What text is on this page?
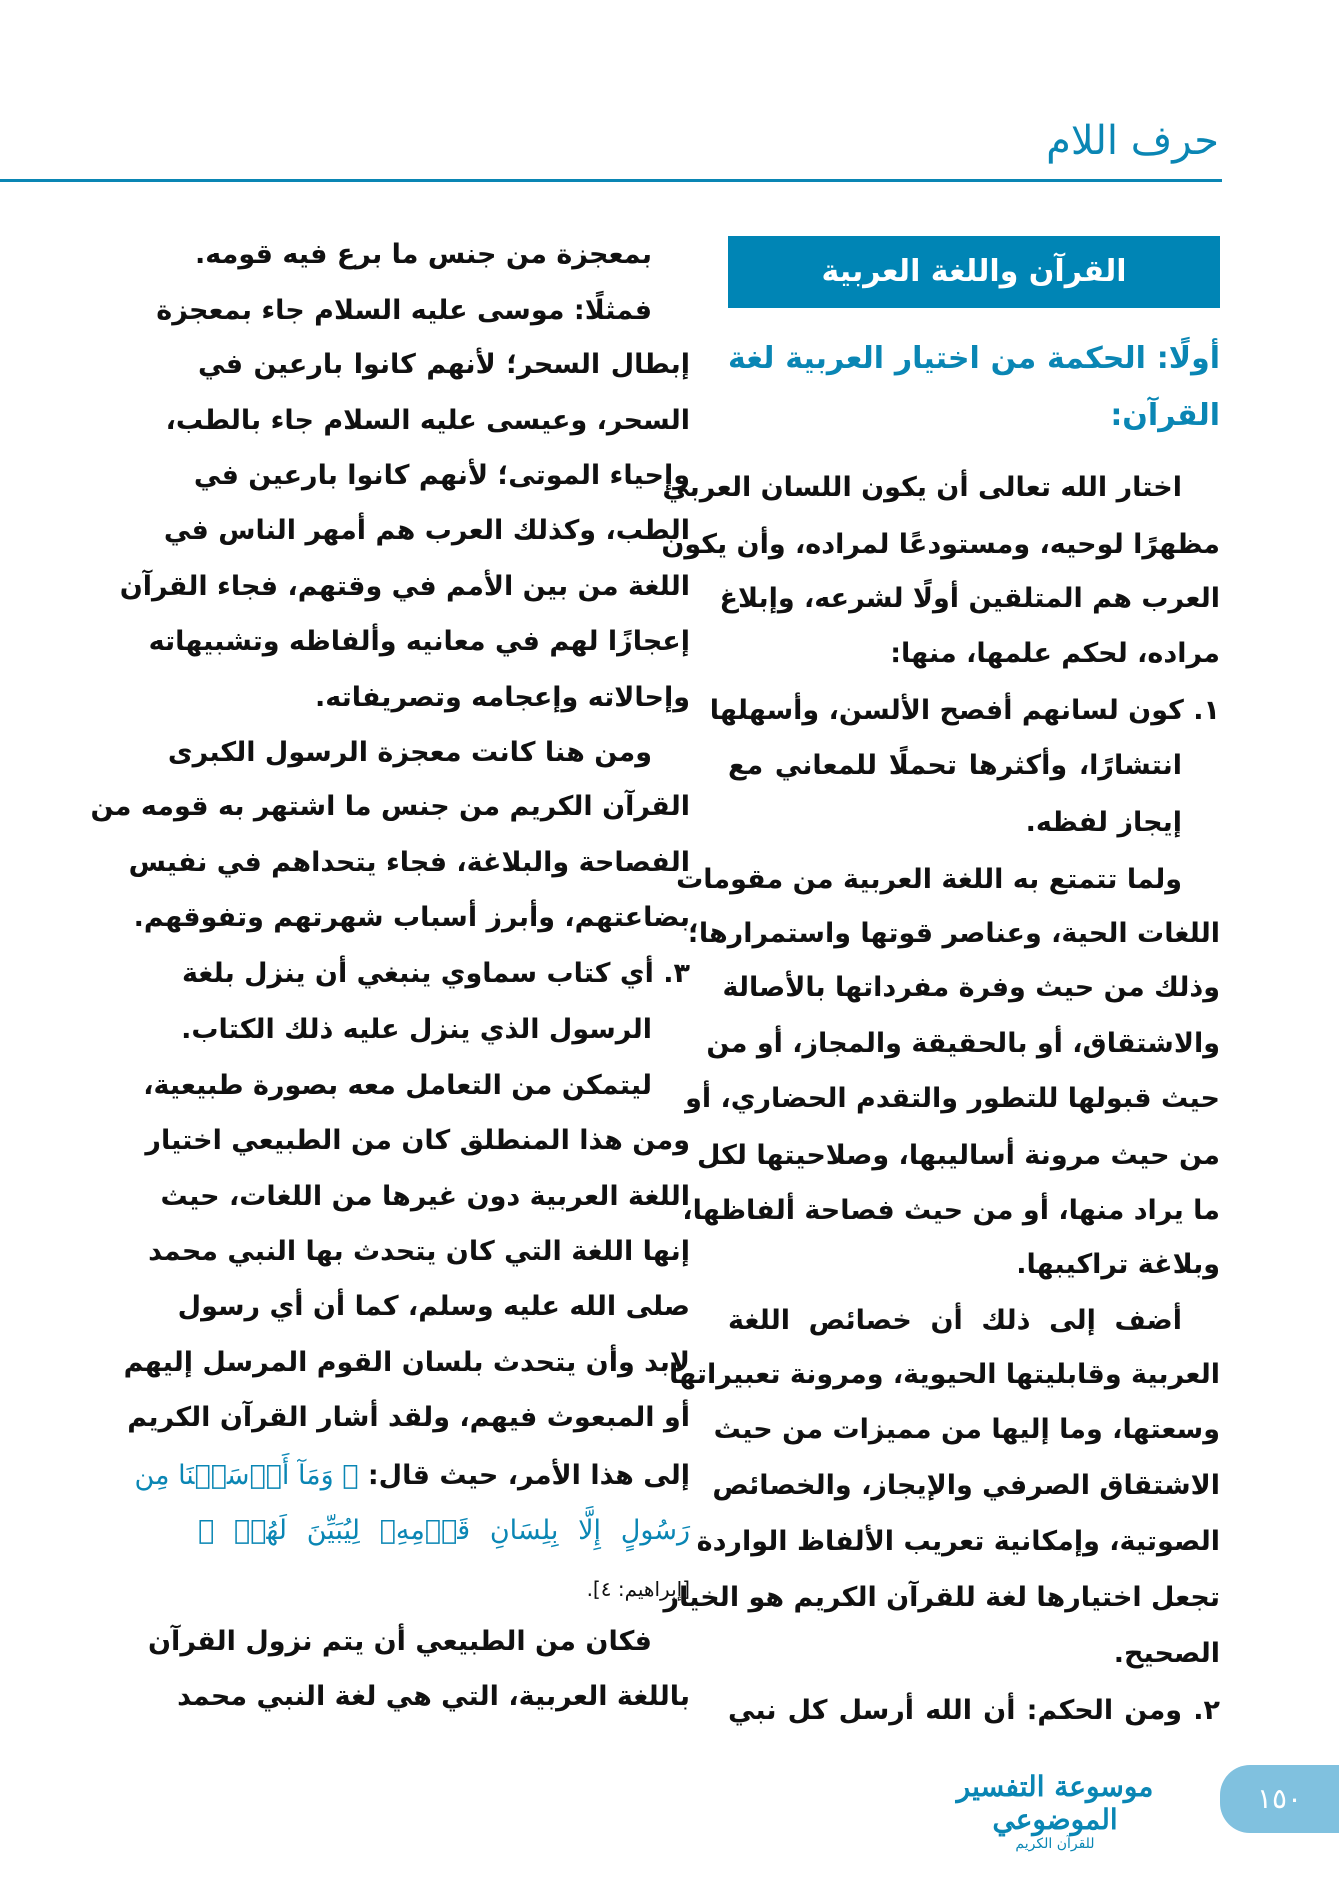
حرف اللام
القرآن واللغة العربية
أولًا: الحكمة من اختيار العربية لغة
القرآن:
اختار الله تعالى أن يكون اللسان العربي
مظهرًا لوحيه، ومستودعًا لمراده، وأن يكون
العرب هم المتلقين أولًا لشرعه، وإبلاغ
مراده، لحكم علمها، منها:
١. كون لسانهم أفصح الألسن، وأسهلها
انتشارًا، وأكثرها تحملًا للمعاني مع
إيجاز لفظه.
ولما تتمتع به اللغة العربية من مقومات
اللغات الحية، وعناصر قوتها واستمرارها؛
وذلك من حيث وفرة مفرداتها بالأصالة
والاشتقاق، أو بالحقيقة والمجاز، أو من
حيث قبولها للتطور والتقدم الحضاري، أو
من حيث مرونة أساليبها، وصلاحيتها لكل
ما يراد منها، أو من حيث فصاحة ألفاظها،
وبلاغة تراكيبها.
أضف إلى ذلك أن خصائص اللغة
العربية وقابليتها الحيوية، ومرونة تعبيراتها
وسعتها، وما إليها من مميزات من حيث
الاشتقاق الصرفي والإيجاز، والخصائص
الصوتية، وإمكانية تعريب الألفاظ الواردة
تجعل اختيارها لغة للقرآن الكريم هو الخيار
الصحيح.
٢. ومن الحكم: أن الله أرسل كل نبي
إلى هذا الأمر، حيث قال: ﴿ وَمَآ أَرۡسَلۡنَا مِن
رَسُولٍ إِلَّا بِلِسَانِ قَوۡمِهِۦ لِيُبَيِّنَ لَهُمۡ ﴾
[إبراهيم: ٤].
فكان من الطبيعي أن يتم نزول القرآن
باللغة العربية، التي هي لغة النبي محمد
بمعجزة من جنس ما برع فيه قومه.
فمثلًا: موسى عليه السلام جاء بمعجزة
إبطال السحر؛ لأنهم كانوا بارعين في
السحر، وعيسى عليه السلام جاء بالطب،
وإحياء الموتى؛ لأنهم كانوا بارعين في
الطب، وكذلك العرب هم أمهر الناس في
اللغة من بين الأمم في وقتهم، فجاء القرآن
إعجازًا لهم في معانيه وألفاظه وتشبيهاته
وإحالاته وإعجامه وتصريفاته.
ومن هنا كانت معجزة الرسول الكبرى
القرآن الكريم من جنس ما اشتهر به قومه من
الفصاحة والبلاغة، فجاء يتحداهم في نفيس
بضاعتهم، وأبرز أسباب شهرتهم وتفوقهم.
٣. أي كتاب سماوي ينبغي أن ينزل بلغة
الرسول الذي ينزل عليه ذلك الكتاب.
ليتمكن من التعامل معه بصورة طبيعية،
ومن هذا المنطلق كان من الطبيعي اختيار
اللغة العربية دون غيرها من اللغات، حيث
إنها اللغة التي كان يتحدث بها النبي محمد
صلى الله عليه وسلم، كما أن أي رسول
لابد وأن يتحدث بلسان القوم المرسل إليهم
أو المبعوث فيهم، ولقد أشار القرآن الكريم
موسوعة التفسير الموضوعي
للقرآن الكريم
١٥٠
